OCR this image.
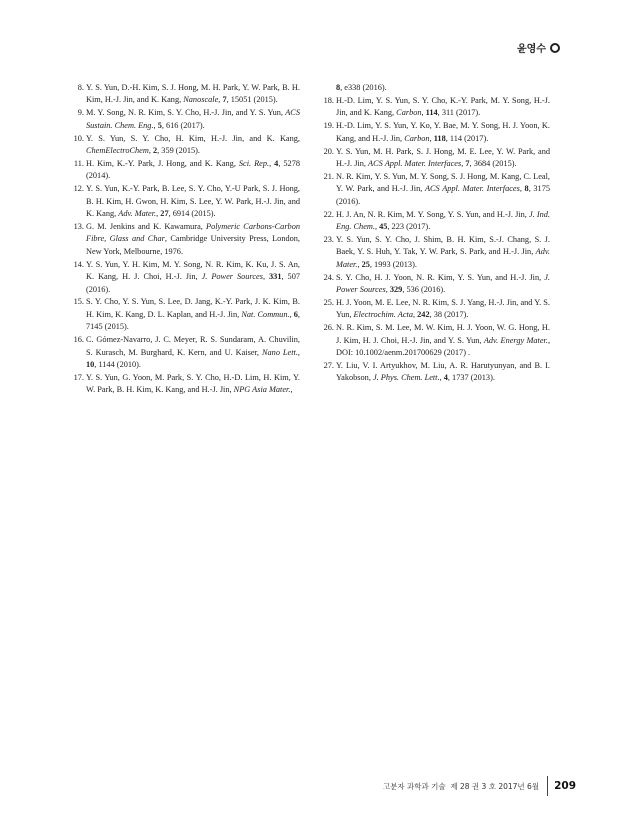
윤영수
8. Y. S. Yun, D.-H. Kim, S. J. Hong, M. H. Park, Y. W. Park, B. H. Kim, H.-J. Jin, and K. Kang, Nanoscale, 7, 15051 (2015).
9. M. Y. Song, N. R. Kim, S. Y. Cho, H.-J. Jin, and Y. S. Yun, ACS Sustain. Chem. Eng., 5, 616 (2017).
10. Y. S. Yun, S. Y. Cho, H. Kim, H.-J. Jin, and K. Kang, ChemElectroChem, 2, 359 (2015).
11. H. Kim, K.-Y. Park, J. Hong, and K. Kang, Sci. Rep., 4, 5278 (2014).
12. Y. S. Yun, K.-Y. Park, B. Lee, S. Y. Cho, Y.-U Park, S. J. Hong, B. H. Kim, H. Gwon, H. Kim, S. Lee, Y. W. Park, H.-J. Jin, and K. Kang, Adv. Mater., 27, 6914 (2015).
13. G. M. Jenkins and K. Kawamura, Polymeric Carbons-Carbon Fibre, Glass and Char, Cambridge University Press, London, New York, Melbourne, 1976.
14. Y. S. Yun, Y. H. Kim, M. Y. Song, N. R. Kim, K. Ku, J. S. An, K. Kang, H. J. Choi, H.-J. Jin, J. Power Sources, 331, 507 (2016).
15. S. Y. Cho, Y. S. Yun, S. Lee, D. Jang, K.-Y. Park, J. K. Kim, B. H. Kim, K. Kang, D. L. Kaplan, and H.-J. Jin, Nat. Commun., 6, 7145 (2015).
16. C. Gómez-Navarro, J. C. Meyer, R. S. Sundaram, A. Chuvilin, S. Kurasch, M. Burghard, K. Kern, and U. Kaiser, Nano Lett., 10, 1144 (2010).
17. Y. S. Yun, G. Yoon, M. Park, S. Y. Cho, H.-D. Lim, H. Kim, Y. W. Park, B. H. Kim, K. Kang, and H.-J. Jin, NPG Asia Mater.,
8, e338 (2016).
18. H.-D. Lim, Y. S. Yun, S. Y. Cho, K.-Y. Park, M. Y. Song, H.-J. Jin, and K. Kang, Carbon, 114, 311 (2017).
19. H.-D. Lim, Y. S. Yun, Y. Ko, Y. Bae, M. Y. Song, H. J. Yoon, K. Kang, and H.-J. Jin, Carbon, 118, 114 (2017).
20. Y. S. Yun, M. H. Park, S. J. Hong, M. E. Lee, Y. W. Park, and H.-J. Jin, ACS Appl. Mater. Interfaces, 7, 3684 (2015).
21. N. R. Kim, Y. S. Yun, M. Y. Song, S. J. Hong, M. Kang, C. Leal, Y. W. Park, and H.-J. Jin, ACS Appl. Mater. Interfaces, 8, 3175 (2016).
22. H. J. An, N. R. Kim, M. Y. Song, Y. S. Yun, and H.-J. Jin, J. Ind. Eng. Chem., 45, 223 (2017).
23. Y. S. Yun, S. Y. Cho, J. Shim, B. H. Kim, S.-J. Chang, S. J. Baek, Y. S. Huh, Y. Tak, Y. W. Park, S. Park, and H.-J. Jin, Adv. Mater., 25, 1993 (2013).
24. S. Y. Cho, H. J. Yoon, N. R. Kim, Y. S. Yun, and H.-J. Jin, J. Power Sources, 329, 536 (2016).
25. H. J. Yoon, M. E. Lee, N. R. Kim, S. J. Yang, H.-J. Jin, and Y. S. Yun, Electrochim. Acta, 242, 38 (2017).
26. N. R. Kim, S. M. Lee, M. W. Kim, H. J. Yoon, W. G. Hong, H. J. Kim, H. J. Choi, H.-J. Jin, and Y. S. Yun, Adv. Energy Mater., DOI: 10.1002/aenm.201700629 (2017) .
27. Y. Liu, V. I. Artyukhov, M. Liu, A. R. Harutyunyan, and B. I. Yakobson, J. Phys. Chem. Lett., 4, 1737 (2013).
고분자 과학과 기술
제 28 권 3 호 2017년 6월 209
